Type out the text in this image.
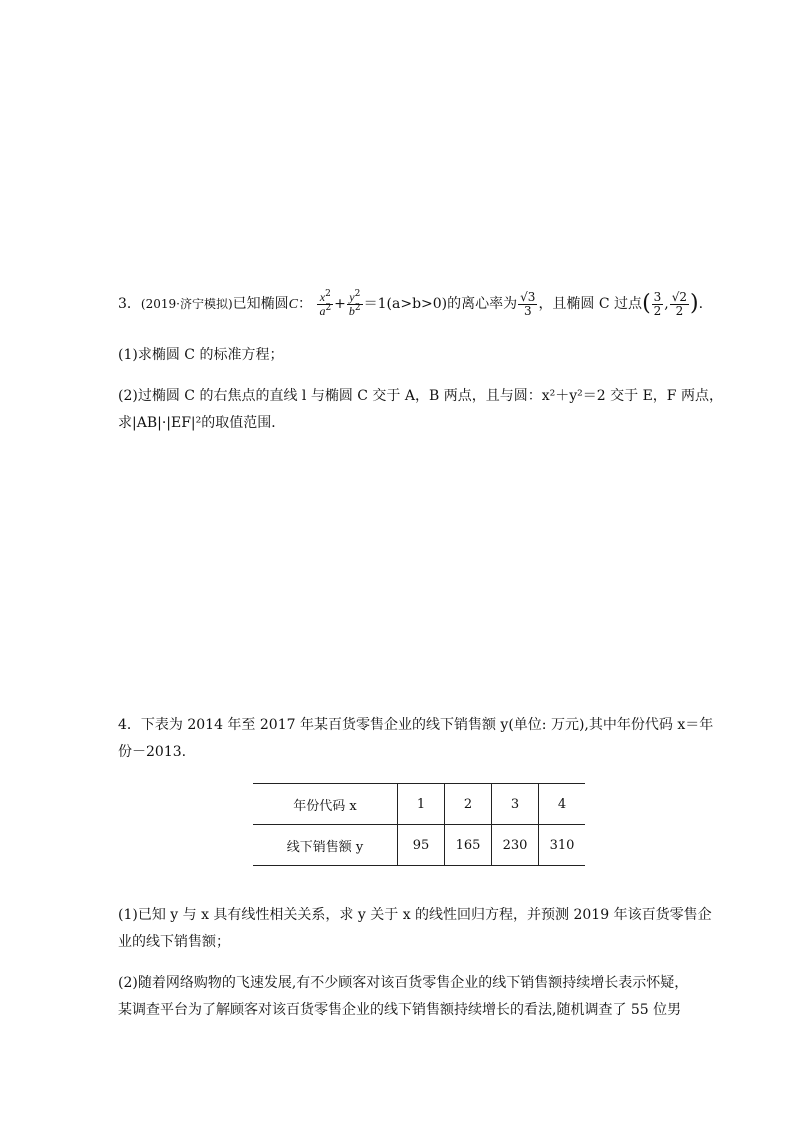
3．(2019·济宁模拟)已知椭圆C： $\frac{x^2}{a^2} + \frac{y^2}{b^2} =1(a>b>0)$的离心率为 $\frac{√3}{3}$ ，且椭圆 C 过点( $\frac{3}{2}$ , $\frac{√2}{2}$ ).
(1)求椭圆 C 的标准方程；
(2)过椭圆 C 的右焦点的直线 l 与椭圆 C 交于 A，B 两点，且与圆：x²＋y²＝2 交于 E，F 两点，
求|AB|·|EF|²的取值范围．
4．下表为 2014 年至 2017 年某百货零售企业的线下销售额 y(单位: 万元),其中年份代码 x＝年
份－2013.
年份代码 x	1	2	3	4
线下销售额 y	95	165	230	310
(1)已知 y 与 x 具有线性相关关系，求 y 关于 x 的线性回归方程，并预测 2019 年该百货零售企
业的线下销售额；
(2)随着网络购物的飞速发展,有不少顾客对该百货零售企业的线下销售额持续增长表示怀疑，
某调查平台为了解顾客对该百货零售企业的线下销售额持续增长的看法,随机调查了 55 位男
